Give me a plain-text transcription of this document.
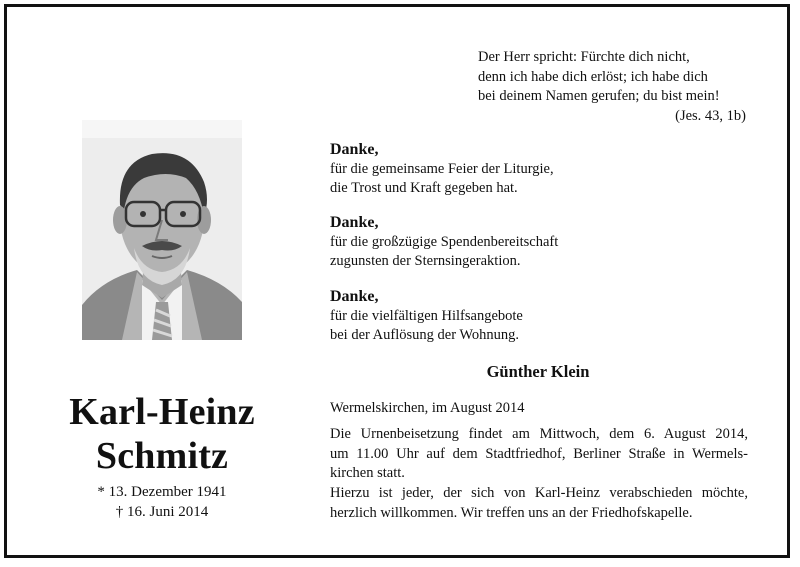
Der Herr spricht: Fürchte dich nicht,
denn ich habe dich erlöst; ich habe dich
bei deinem Namen gerufen; du bist mein!
(Jes. 43, 1b)
Karl-Heinz
Schmitz
* 13. Dezember 1941
† 16. Juni 2014
Danke,
für die gemeinsame Feier der Liturgie,
die Trost und Kraft gegeben hat.
Danke,
für die großzügige Spendenbereitschaft
zugunsten der Sternsingeraktion.
Danke,
für die vielfältigen Hilfsangebote
bei der Auflösung der Wohnung.
Günther Klein
Wermelskirchen, im August 2014
Die Urnenbeisetzung findet am Mittwoch, dem 6. August 2014,
um 11.00 Uhr auf dem Stadtfriedhof, Berliner Straße in Wermels-
kirchen statt.
Hierzu ist jeder, der sich von Karl-Heinz verabschieden möchte,
herzlich willkommen. Wir treffen uns an der Friedhofskapelle.
